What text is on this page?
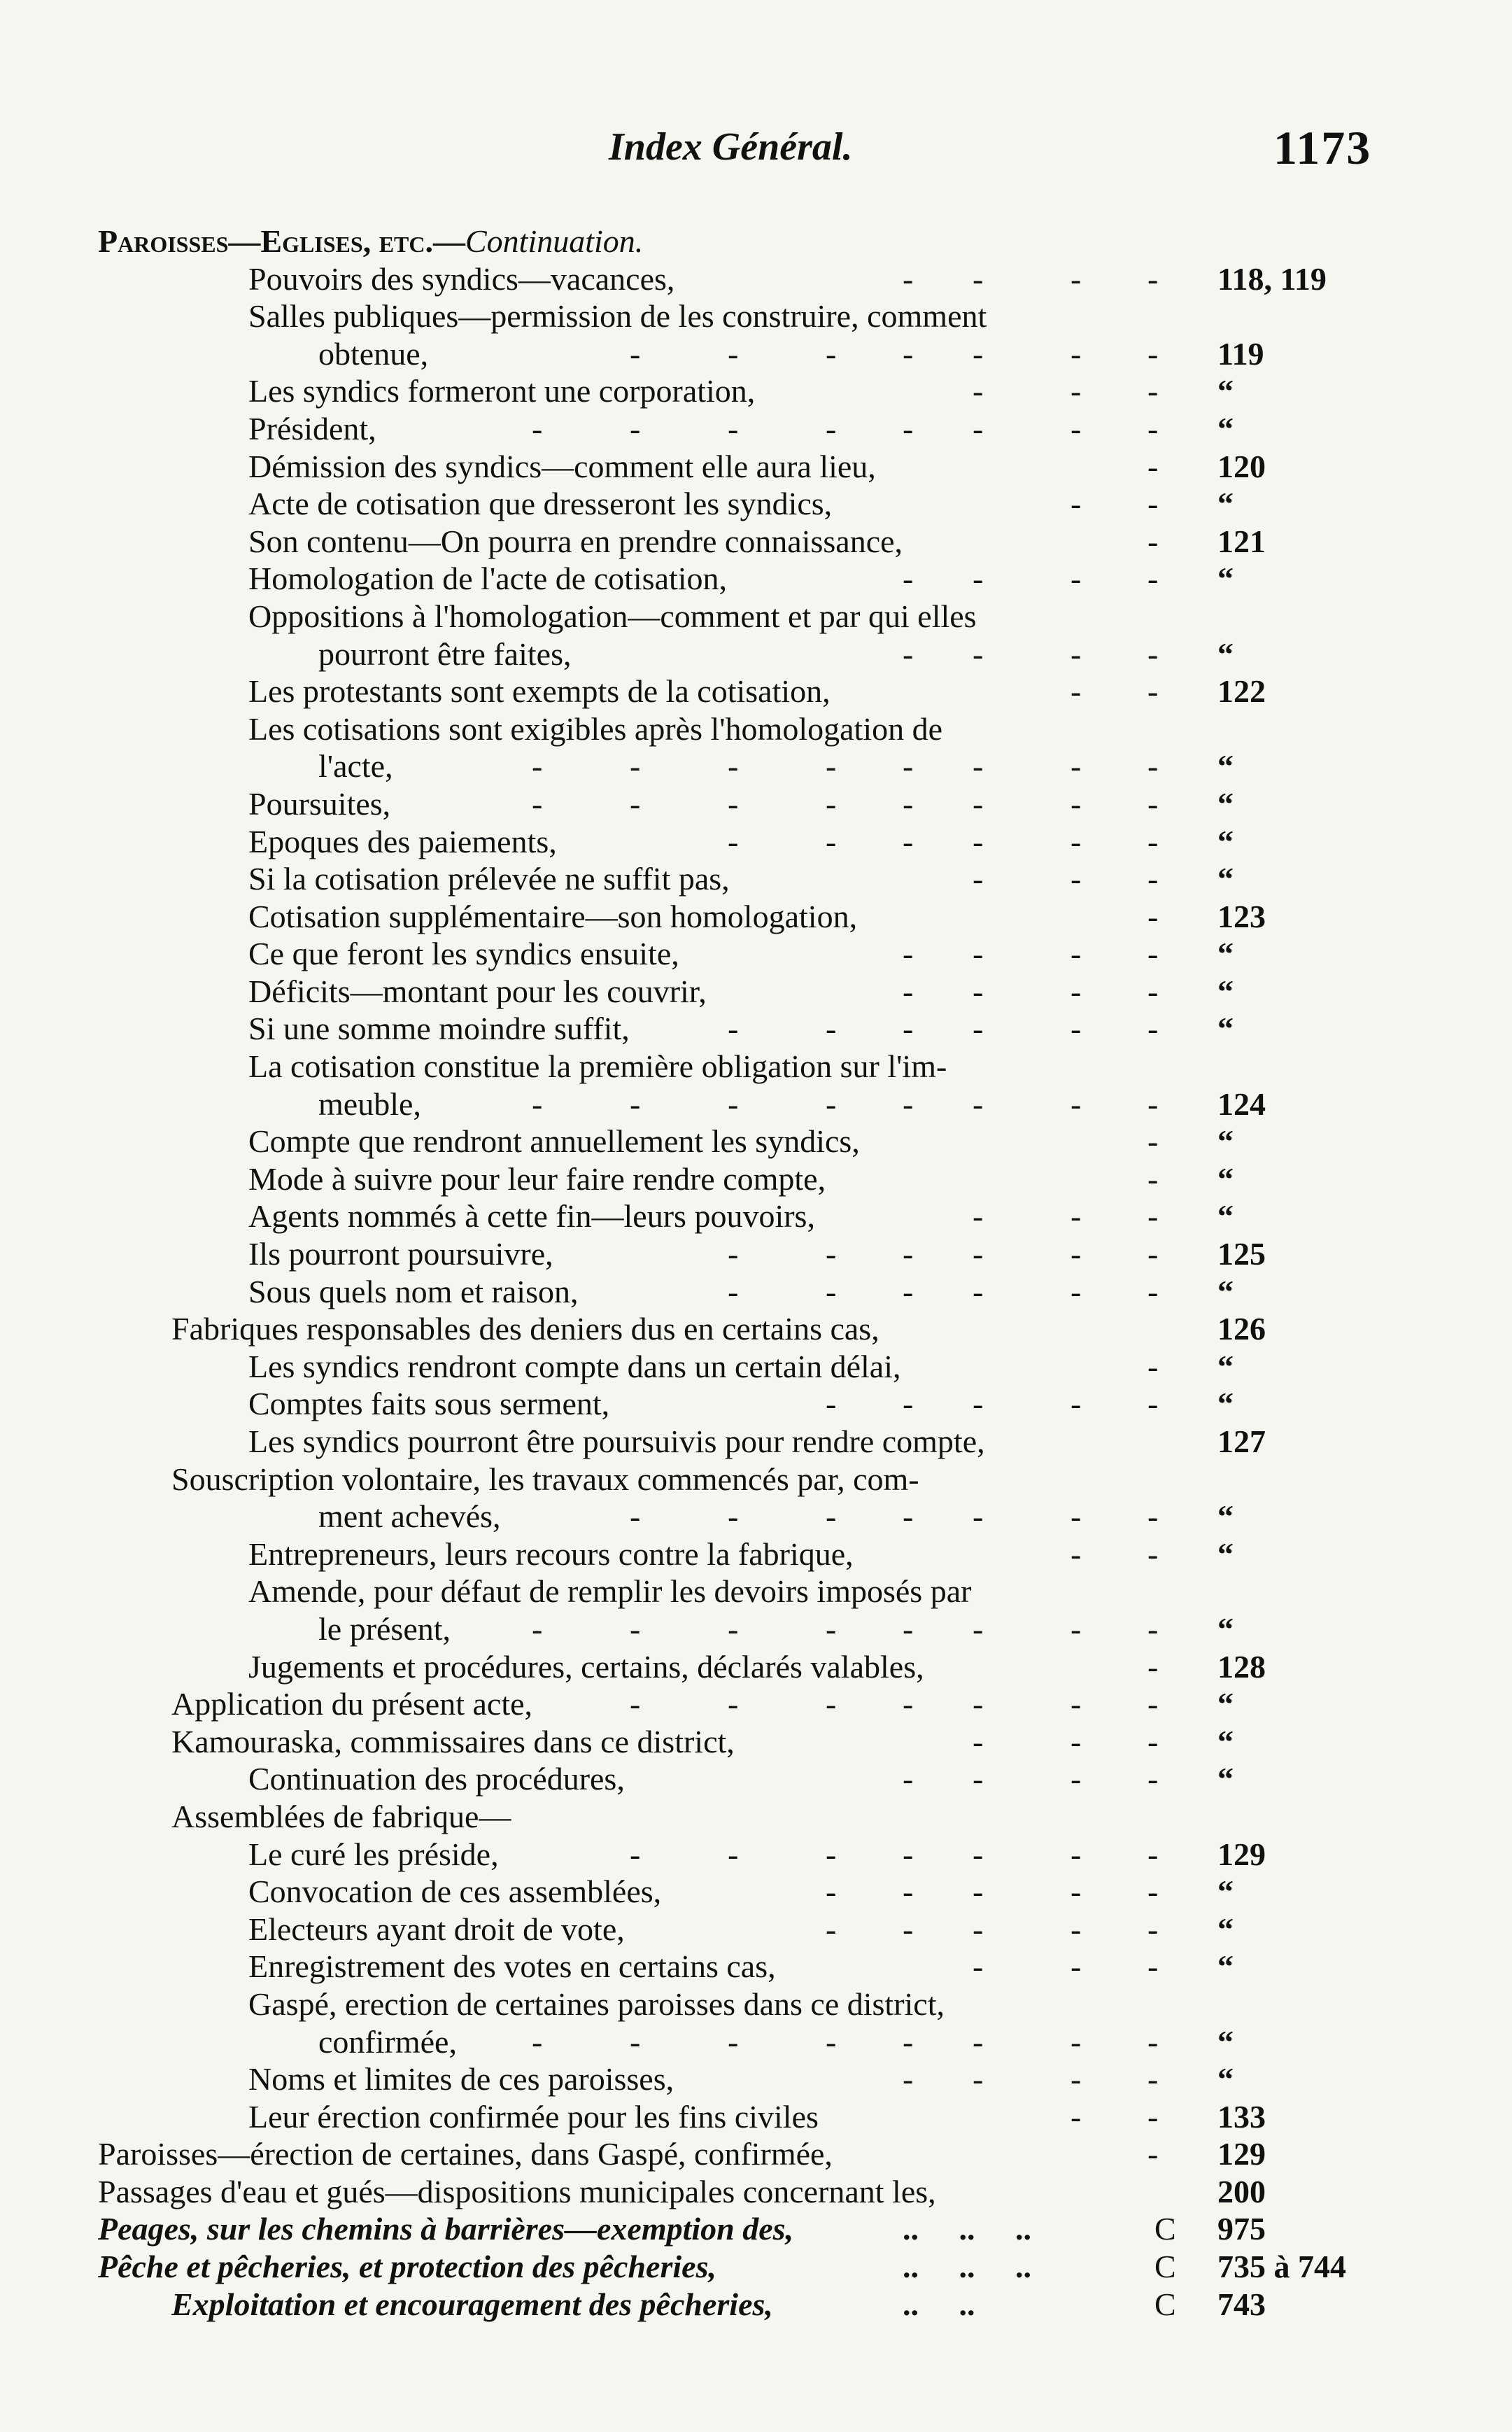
Index Général.	1173
Paroisses—Eglises, etc.—Continuation.
Pouvoirs des syndics—vacances,	- -	- - 118, 119
Salles publiques—permission de les construire, comment
obtenue,	-	-	- - -	- - 119
Les syndics formeront une corporation,	-	- - “
Président,	-	-	-	- - -	- - “
Démission des syndics—comment elle aura lieu,	- 120
Acte de cotisation que dresseront les syndics,	- - “
Son contenu—On pourra en prendre connaissance,	- 121
Homologation de l'acte de cotisation,	- -	- - “
Oppositions à l'homologation—comment et par qui elles
pourront être faites,	- -	- - “
Les protestants sont exempts de la cotisation,	- - 122
Les cotisations sont exigibles après l'homologation de
l'acte,	-	-	-	- - -	- - “
Poursuites,	-	-	-	- - -	- - “
Epoques des paiements,	-	- - -	- - “
Si la cotisation prélevée ne suffit pas,	-	- - “
Cotisation supplémentaire—son homologation,	- 123
Ce que feront les syndics ensuite,	- -	- - “
Déficits—montant pour les couvrir,	- -	- - “
Si une somme moindre suffit,	-	- - -	- - “
La cotisation constitue la première obligation sur l'im-
meuble,	-	-	-	- - -	- - 124
Compte que rendront annuellement les syndics,	- “
Mode à suivre pour leur faire rendre compte,	- “
Agents nommés à cette fin—leurs pouvoirs,	-	- - “
Ils pourront poursuivre,	-	- - -	- - 125
Sous quels nom et raison,	-	- - -	- - “
Fabriques responsables des deniers dus en certains cas,	126
Les syndics rendront compte dans un certain délai,	- “
Comptes faits sous serment,	- - -	- - “
Les syndics pourront être poursuivis pour rendre compte,	127
Souscription volontaire, les travaux commencés par, com-
ment achevés,	-	-	- - -	- - “
Entrepreneurs, leurs recours contre la fabrique,	- - “
Amende, pour défaut de remplir les devoirs imposés par
le présent,	-	-	-	- - -	- - “
Jugements et procédures, certains, déclarés valables,	- 128
Application du présent acte,	-	-	- - -	- - “
Kamouraska, commissaires dans ce district,	-	- - “
Continuation des procédures,	- -	- - “
Assemblées de fabrique—
Le curé les préside,	-	-	- - -	- - 129
Convocation de ces assemblées,	- - -	- - “
Electeurs ayant droit de vote,	- - -	- - “
Enregistrement des votes en certains cas,	-	- - “
Gaspé, erection de certaines paroisses dans ce district,
confirmée, -	-	-	- - -	- - “
Noms et limites de ces paroisses,	- -	- - “
Leur érection confirmée pour les fins civiles	- - 133
Paroisses—érection de certaines, dans Gaspé, confirmée,	- 129
Passages d'eau et gués—dispositions municipales concernant les,	200
Peages, sur les chemins à barrières—exemption des,	..     ..     ..	C 975
Pêche et pêcheries, et protection des pêcheries,	..     ..     ..	C 735 à 744
Exploitation et encouragement des pêcheries,	..     ..	C 743
